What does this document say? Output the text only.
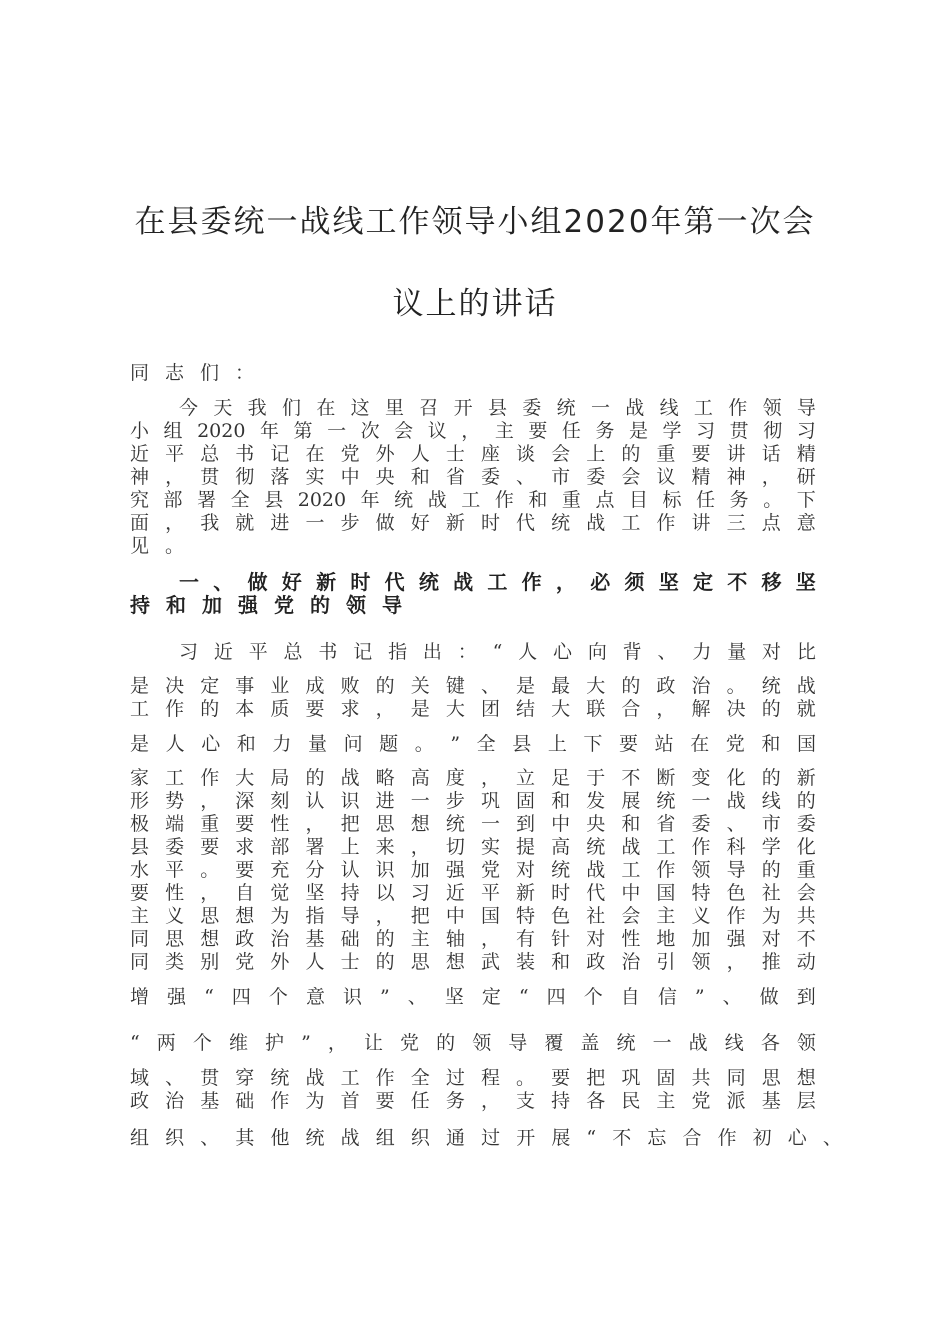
在县委统一战线工作领导小组2020年第一次会
议上的讲话
同 志 们 ：
今 天 我 们 在 这 里 召 开 县 委 统 一 战 线 工 作 领 导
小 组 2020 年 第 一 次 会 议 ， 主 要 任 务 是 学 习 贯 彻 习
近 平 总 书 记 在 党 外 人 士 座 谈 会 上 的 重 要 讲 话 精
神 ， 贯 彻 落 实 中 央 和 省 委 、 市 委 会 议 精 神 ， 研
究 部 署 全 县 2020 年 统 战 工 作 和 重 点 目 标 任 务 。 下
面 ， 我 就 进 一 步 做 好 新 时 代 统 战 工 作 讲 三 点 意
见 。
一 、 做 好 新 时 代 统 战 工 作 ， 必 须 坚 定 不 移 坚
持 和 加 强 党 的 领 导
习 近 平 总 书 记 指 出 ： “ 人 心 向 背 、 力 量 对 比
是 决 定 事 业 成 败 的 关 键 、 是 最 大 的 政 治 。 统 战
工 作 的 本 质 要 求 ， 是 大 团 结 大 联 合 ， 解 决 的 就
是 人 心 和 力 量 问 题 。 ” 全 县 上 下 要 站 在 党 和 国
家 工 作 大 局 的 战 略 高 度 ， 立 足 于 不 断 变 化 的 新
形 势 ， 深 刻 认 识 进 一 步 巩 固 和 发 展 统 一 战 线 的
极 端 重 要 性 ， 把 思 想 统 一 到 中 央 和 省 委 、 市 委
县 委 要 求 部 署 上 来 ， 切 实 提 高 统 战 工 作 科 学 化
水 平 。 要 充 分 认 识 加 强 党 对 统 战 工 作 领 导 的 重
要 性 ， 自 觉 坚 持 以 习 近 平 新 时 代 中 国 特 色 社 会
主 义 思 想 为 指 导 ， 把 中 国 特 色 社 会 主 义 作 为 共
同 思 想 政 治 基 础 的 主 轴 ， 有 针 对 性 地 加 强 对 不
同 类 别 党 外 人 士 的 思 想 武 装 和 政 治 引 领 ， 推 动
增 强 “ 四 个 意 识 ” 、 坚 定 “ 四 个 自 信 ” 、 做 到
“ 两 个 维 护 ” ， 让 党 的 领 导 覆 盖 统 一 战 线 各 领
域 、 贯 穿 统 战 工 作 全 过 程 。 要 把 巩 固 共 同 思 想
政 治 基 础 作 为 首 要 任 务 ， 支 持 各 民 主 党 派 基 层
组 织 、 其 他 统 战 组 织 通 过 开 展 “ 不 忘 合 作 初 心 、
